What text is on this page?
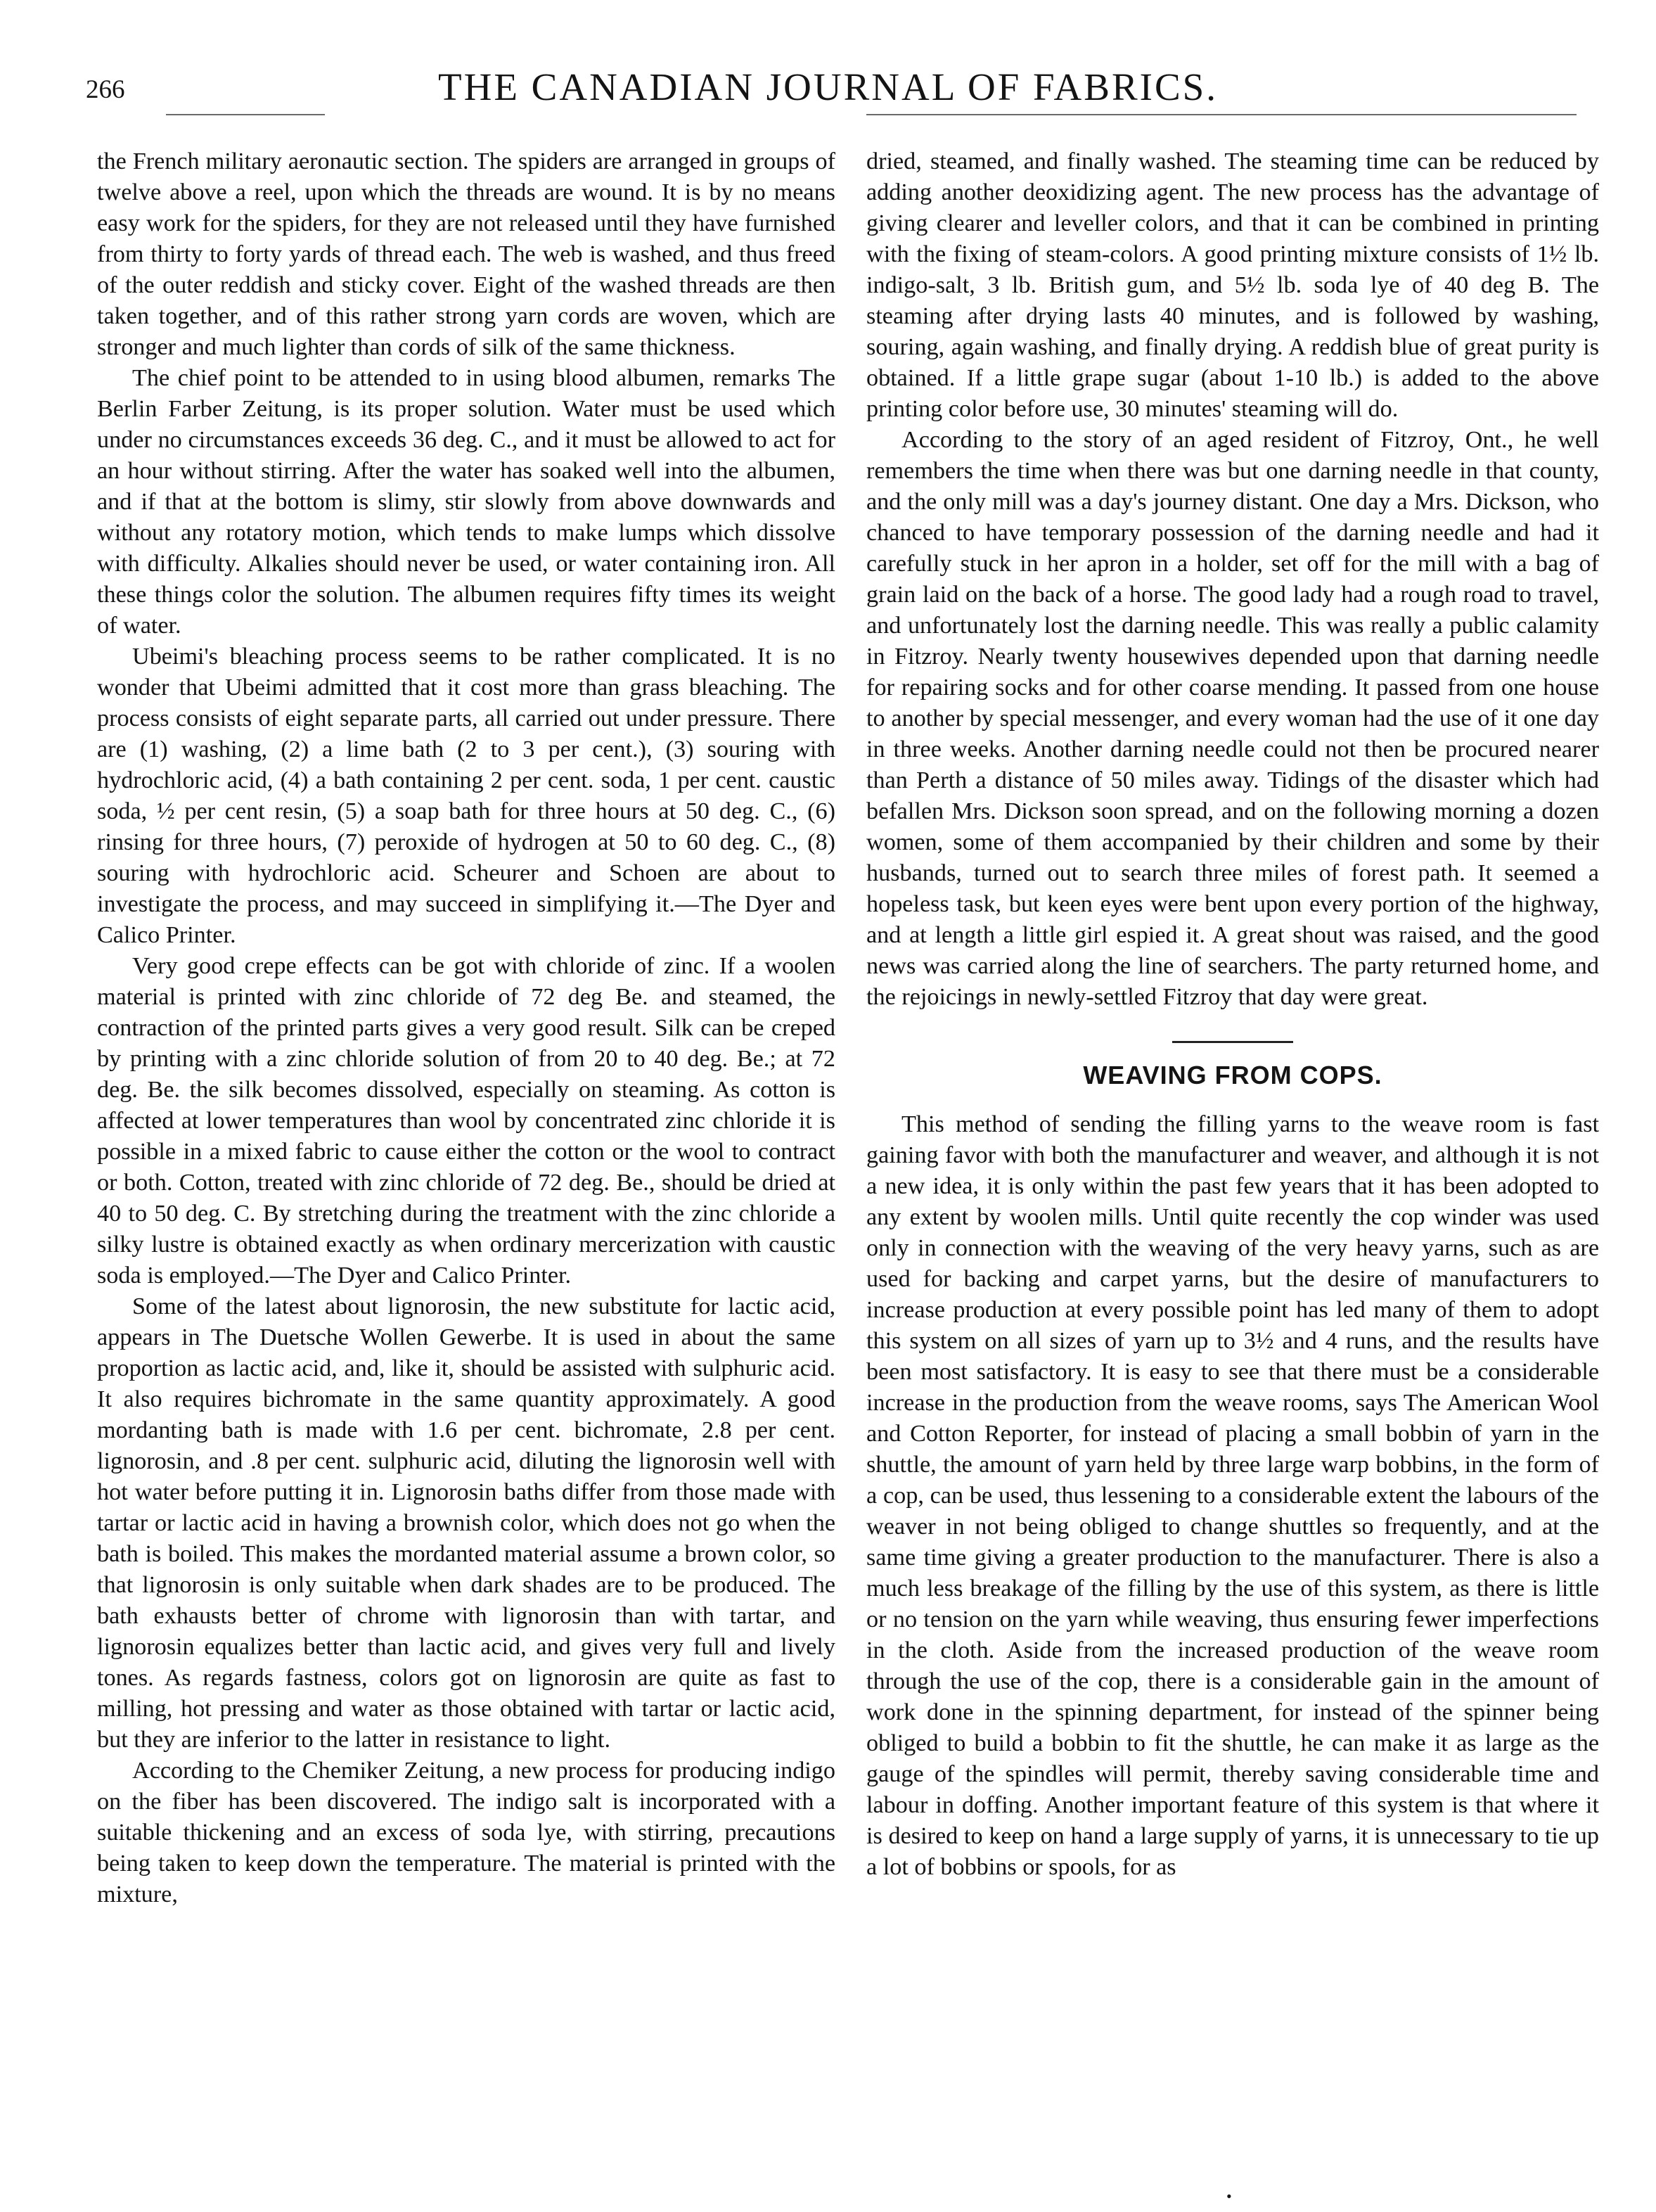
266	THE CANADIAN JOURNAL OF FABRICS.

the French military aeronautic section. The spiders are arranged in groups of twelve above a reel, upon which the threads are wound. It is by no means easy work for the spiders, for they are not released until they have furnished from thirty to forty yards of thread each. The web is washed, and thus freed of the outer reddish and sticky cover. Eight of the washed threads are then taken together, and of this rather strong yarn cords are woven, which are stronger and much lighter than cords of silk of the same thickness.

The chief point to be attended to in using blood albumen, remarks The Berlin Farber Zeitung, is its proper solution. Water must be used which under no circumstances exceeds 36 deg. C., and it must be allowed to act for an hour without stirring. After the water has soaked well into the albumen, and if that at the bottom is slimy, stir slowly from above downwards and without any rotatory motion, which tends to make lumps which dissolve with difficulty. Alkalies should never be used, or water containing iron. All these things color the solution. The albumen requires fifty times its weight of water.

Ubeimi's bleaching process seems to be rather complicated. It is no wonder that Ubeimi admitted that it cost more than grass bleaching. The process consists of eight separate parts, all carried out under pressure. There are (1) washing, (2) a lime bath (2 to 3 per cent.), (3) souring with hydrochloric acid, (4) a bath containing 2 per cent. soda, 1 per cent. caustic soda, ½ per cent resin, (5) a soap bath for three hours at 50 deg. C., (6) rinsing for three hours, (7) peroxide of hydrogen at 50 to 60 deg. C., (8) souring with hydrochloric acid. Scheurer and Schoen are about to investigate the process, and may succeed in simplifying it.—The Dyer and Calico Printer.

Very good crepe effects can be got with chloride of zinc. If a woolen material is printed with zinc chloride of 72 deg Be. and steamed, the contraction of the printed parts gives a very good result. Silk can be creped by printing with a zinc chloride solution of from 20 to 40 deg. Be.; at 72 deg. Be. the silk becomes dissolved, especially on steaming. As cotton is affected at lower temperatures than wool by concentrated zinc chloride it is possible in a mixed fabric to cause either the cotton or the wool to contract or both. Cotton, treated with zinc chloride of 72 deg. Be., should be dried at 40 to 50 deg. C. By stretching during the treatment with the zinc chloride a silky lustre is obtained exactly as when ordinary mercerization with caustic soda is employed.—The Dyer and Calico Printer.

Some of the latest about lignorosin, the new substitute for lactic acid, appears in The Duetsche Wollen Gewerbe. It is used in about the same proportion as lactic acid, and, like it, should be assisted with sulphuric acid. It also requires bichromate in the same quantity approximately. A good mordanting bath is made with 1.6 per cent. bichromate, 2.8 per cent. lignorosin, and .8 per cent. sulphuric acid, diluting the lignorosin well with hot water before putting it in. Lignorosin baths differ from those made with tartar or lactic acid in having a brownish color, which does not go when the bath is boiled. This makes the mordanted material assume a brown color, so that lignorosin is only suitable when dark shades are to be produced. The bath exhausts better of chrome with lignorosin than with tartar, and lignorosin equalizes better than lactic acid, and gives very full and lively tones. As regards fastness, colors got on lignorosin are quite as fast to milling, hot pressing and water as those obtained with tartar or lactic acid, but they are inferior to the latter in resistance to light.

According to the Chemiker Zeitung, a new process for producing indigo on the fiber has been discovered. The indigo salt is incorporated with a suitable thickening and an excess of soda lye, with stirring, precautions being taken to keep down the temperature. The material is printed with the mixture,

dried, steamed, and finally washed. The steaming time can be reduced by adding another deoxidizing agent. The new process has the advantage of giving clearer and leveller colors, and that it can be combined in printing with the fixing of steam-colors. A good printing mixture consists of 1½ lb. indigo-salt, 3 lb. British gum, and 5½ lb. soda lye of 40 deg B. The steaming after drying lasts 40 minutes, and is followed by washing, souring, again washing, and finally drying. A reddish blue of great purity is obtained. If a little grape sugar (about 1-10 lb.) is added to the above printing color before use, 30 minutes' steaming will do.

According to the story of an aged resident of Fitzroy, Ont., he well remembers the time when there was but one darning needle in that county, and the only mill was a day's journey distant. One day a Mrs. Dickson, who chanced to have temporary possession of the darning needle and had it carefully stuck in her apron in a holder, set off for the mill with a bag of grain laid on the back of a horse. The good lady had a rough road to travel, and unfortunately lost the darning needle. This was really a public calamity in Fitzroy. Nearly twenty housewives depended upon that darning needle for repairing socks and for other coarse mending. It passed from one house to another by special messenger, and every woman had the use of it one day in three weeks. Another darning needle could not then be procured nearer than Perth a distance of 50 miles away. Tidings of the disaster which had befallen Mrs. Dickson soon spread, and on the following morning a dozen women, some of them accompanied by their children and some by their husbands, turned out to search three miles of forest path. It seemed a hopeless task, but keen eyes were bent upon every portion of the highway, and at length a little girl espied it. A great shout was raised, and the good news was carried along the line of searchers. The party returned home, and the rejoicings in newly-settled Fitzroy that day were great.

WEAVING FROM COPS.

This method of sending the filling yarns to the weave room is fast gaining favor with both the manufacturer and weaver, and although it is not a new idea, it is only within the past few years that it has been adopted to any extent by woolen mills. Until quite recently the cop winder was used only in connection with the weaving of the very heavy yarns, such as are used for backing and carpet yarns, but the desire of manufacturers to increase production at every possible point has led many of them to adopt this system on all sizes of yarn up to 3½ and 4 runs, and the results have been most satisfactory. It is easy to see that there must be a considerable increase in the production from the weave rooms, says The American Wool and Cotton Reporter, for instead of placing a small bobbin of yarn in the shuttle, the amount of yarn held by three large warp bobbins, in the form of a cop, can be used, thus lessening to a considerable extent the labours of the weaver in not being obliged to change shuttles so frequently, and at the same time giving a greater production to the manufacturer. There is also a much less breakage of the filling by the use of this system, as there is little or no tension on the yarn while weaving, thus ensuring fewer imperfections in the cloth. Aside from the increased production of the weave room through the use of the cop, there is a considerable gain in the amount of work done in the spinning department, for instead of the spinner being obliged to build a bobbin to fit the shuttle, he can make it as large as the gauge of the spindles will permit, thereby saving considerable time and labour in doffing. Another important feature of this system is that where it is desired to keep on hand a large supply of yarns, it is unnecessary to tie up a lot of bobbins or spools, for as

•
